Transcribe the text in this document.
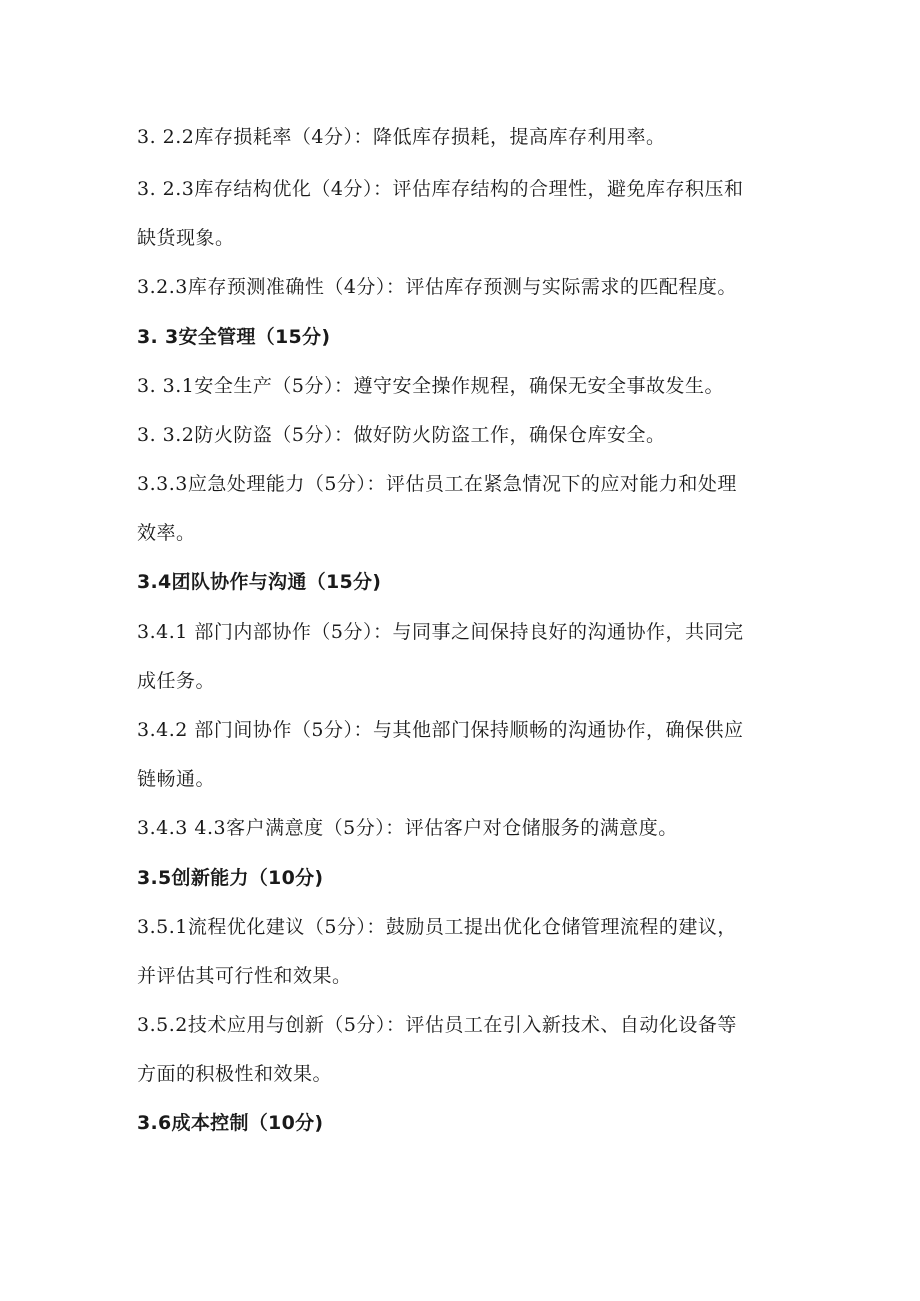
3. 2.2库存损耗率（4分）：降低库存损耗，提高库存利用率。
3. 2.3库存结构优化（4分）：评估库存结构的合理性，避免库存积压和
缺货现象。
3.2.3库存预测准确性（4分）：评估库存预测与实际需求的匹配程度。
3. 3安全管理（15分)
3. 3.1安全生产（5分）：遵守安全操作规程，确保无安全事故发生。
3. 3.2防火防盗（5分）：做好防火防盗工作，确保仓库安全。
3.3.3应急处理能力（5分）：评估员工在紧急情况下的应对能力和处理
效率。
3.4团队协作与沟通（15分)
3.4.1 部门内部协作（5分）：与同事之间保持良好的沟通协作，共同完
成任务。
3.4.2 部门间协作（5分）：与其他部门保持顺畅的沟通协作，确保供应
链畅通。
3.4.3 4.3客户满意度（5分）：评估客户对仓储服务的满意度。
3.5创新能力（10分)
3.5.1流程优化建议（5分）：鼓励员工提出优化仓储管理流程的建议，
并评估其可行性和效果。
3.5.2技术应用与创新（5分）：评估员工在引入新技术、自动化设备等
方面的积极性和效果。
3.6成本控制（10分)
